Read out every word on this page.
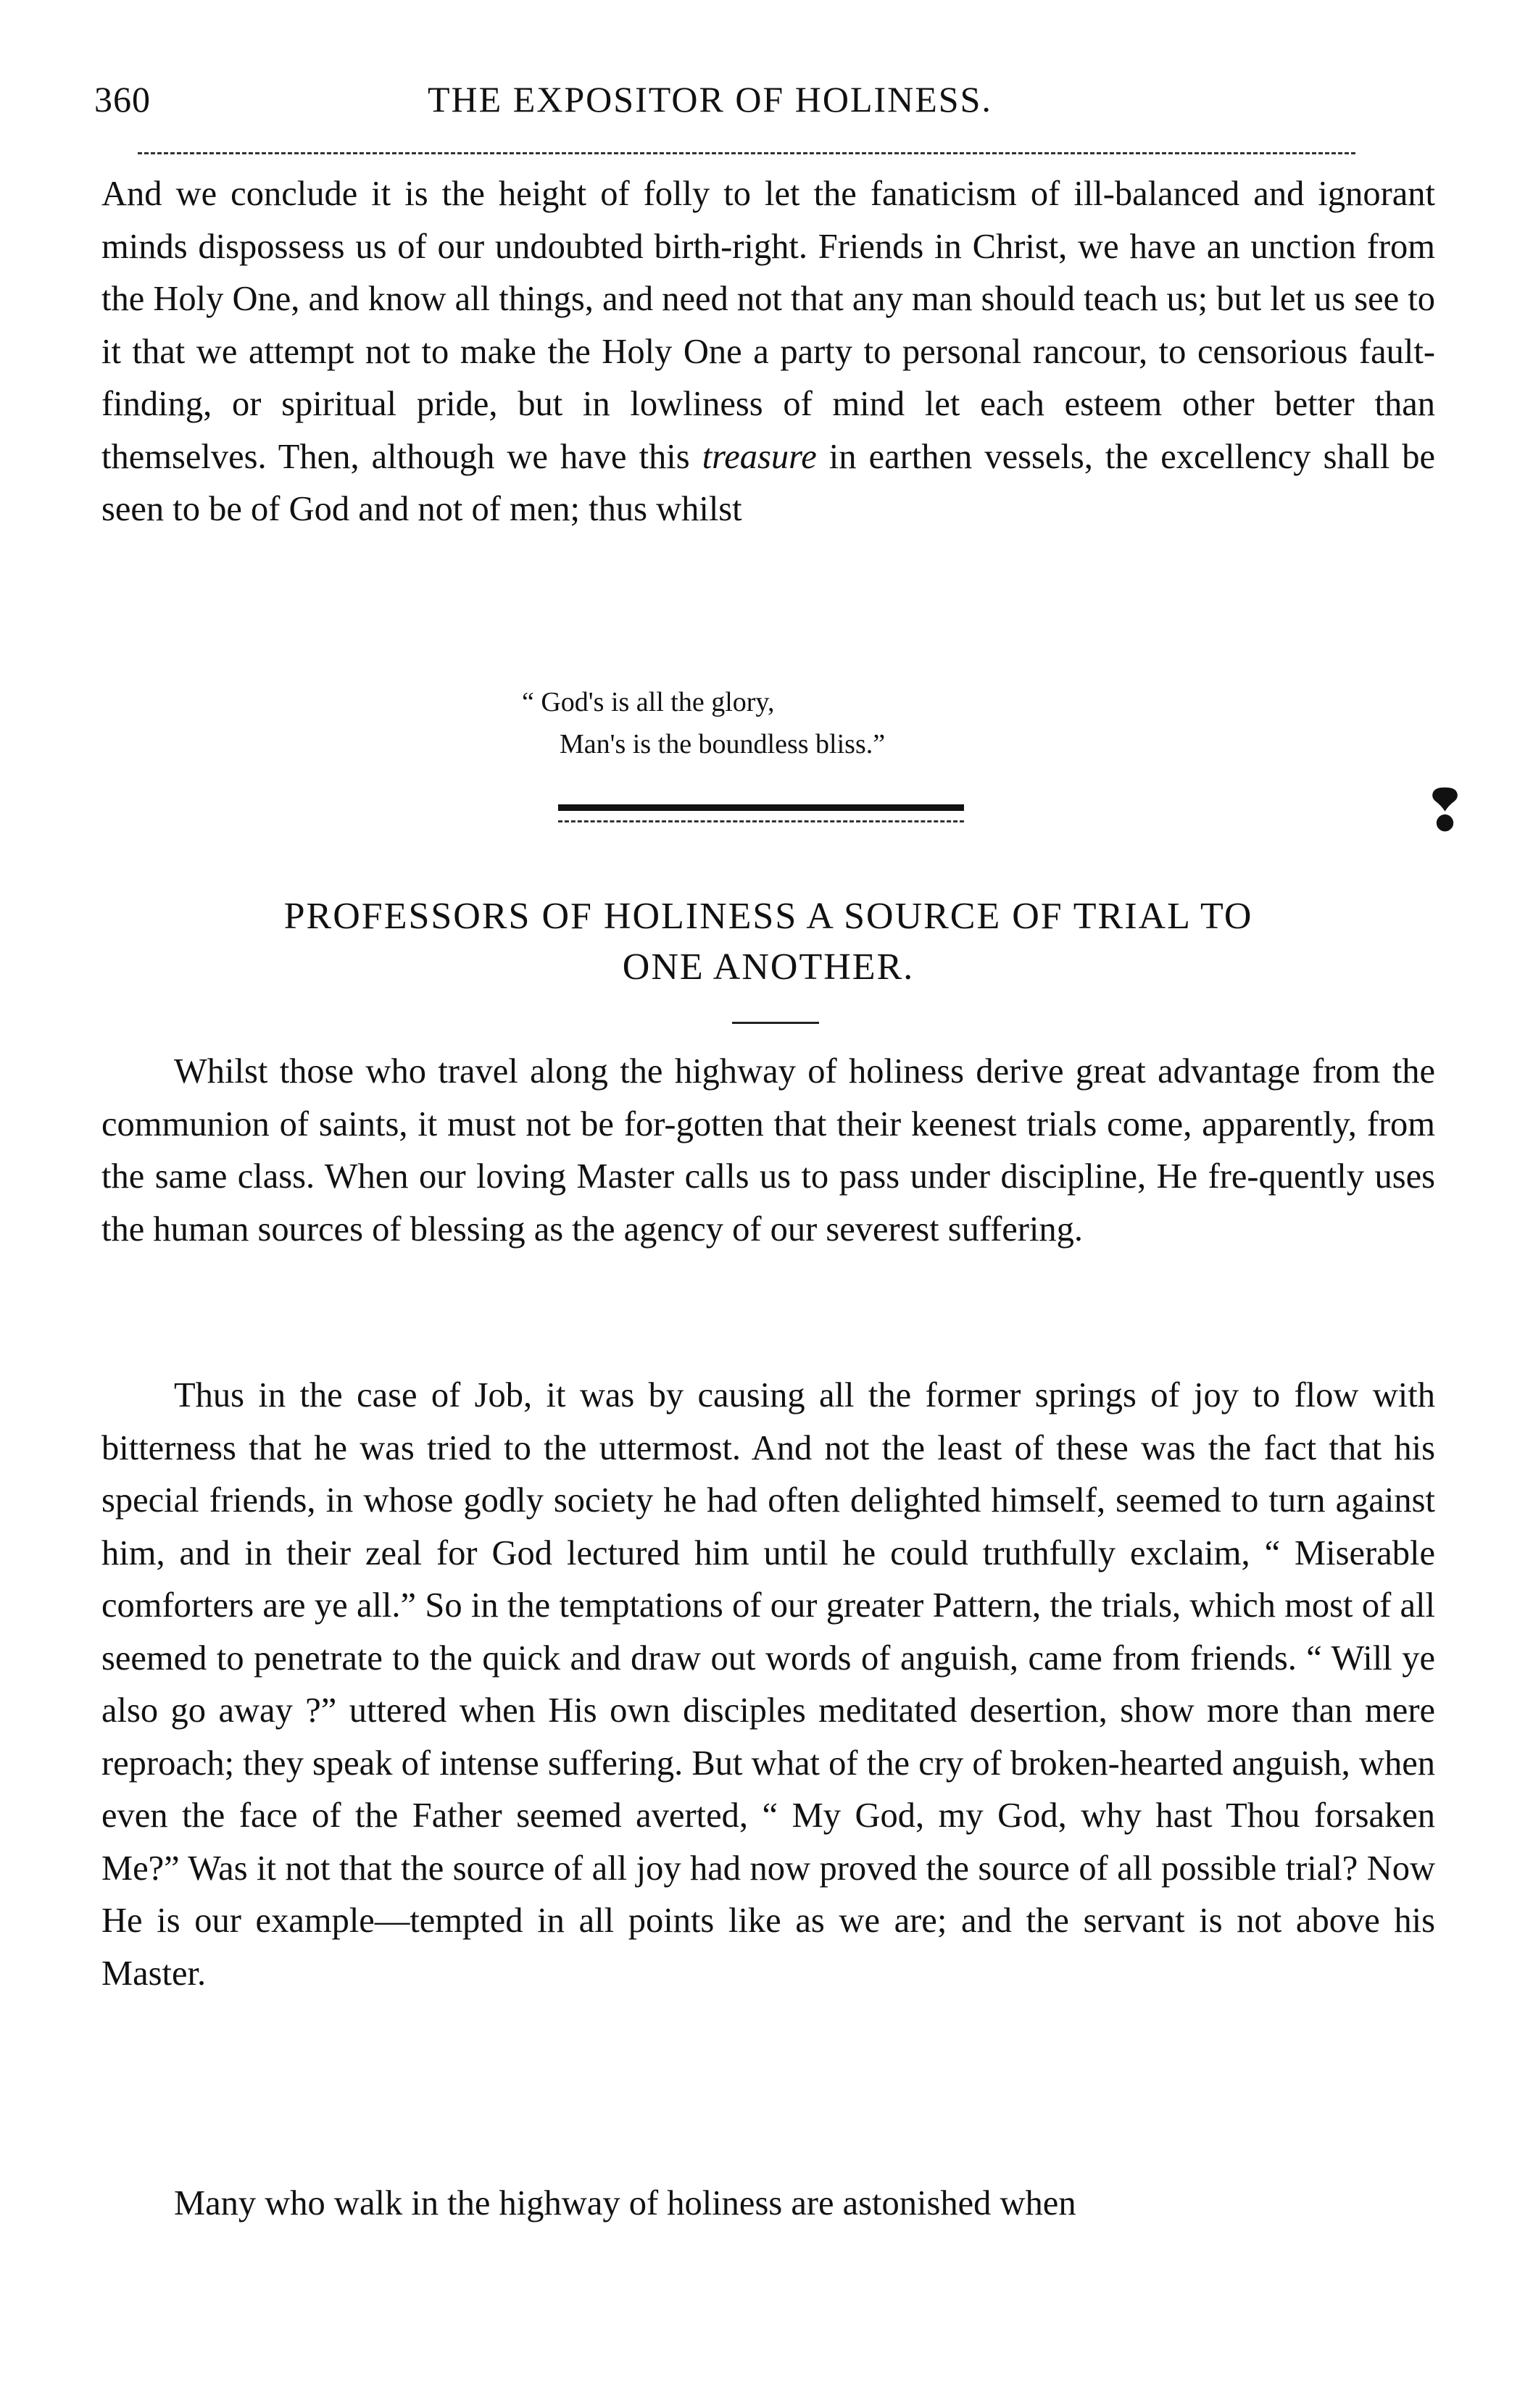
360	THE EXPOSITOR OF HOLINESS.

And we conclude it is the height of folly to let the fanaticism of ill-balanced and ignorant minds dispossess us of our undoubted birth-right. Friends in Christ, we have an unction from the Holy One, and know all things, and need not that any man should teach us; but let us see to it that we attempt not to make the Holy One a party to personal rancour, to censorious fault-finding, or spiritual pride, but in lowliness of mind let each esteem other better than themselves. Then, although we have this treasure in earthen vessels, the excellency shall be seen to be of God and not of men; thus whilst

“ God's is all the glory,
Man's is the boundless bliss.”

❢
PROFESSORS OF HOLINESS A SOURCE OF TRIAL TO
ONE ANOTHER.

Whilst those who travel along the highway of holiness derive great advantage from the communion of saints, it must not be for-gotten that their keenest trials come, apparently, from the same class. When our loving Master calls us to pass under discipline, He fre-quently uses the human sources of blessing as the agency of our severest suffering.

Thus in the case of Job, it was by causing all the former springs of joy to flow with bitterness that he was tried to the uttermost. And not the least of these was the fact that his special friends, in whose godly society he had often delighted himself, seemed to turn against him, and in their zeal for God lectured him until he could truthfully exclaim, “ Miserable comforters are ye all.” So in the temptations of our greater Pattern, the trials, which most of all seemed to penetrate to the quick and draw out words of anguish, came from friends. “ Will ye also go away ?” uttered when His own disciples meditated desertion, show more than mere reproach; they speak of intense suffering. But what of the cry of broken-hearted anguish, when even the face of the Father seemed averted, “ My God, my God, why hast Thou forsaken Me?” Was it not that the source of all joy had now proved the source of all possible trial? Now He is our example—tempted in all points like as we are; and the servant is not above his Master.

Many who walk in the highway of holiness are astonished when
